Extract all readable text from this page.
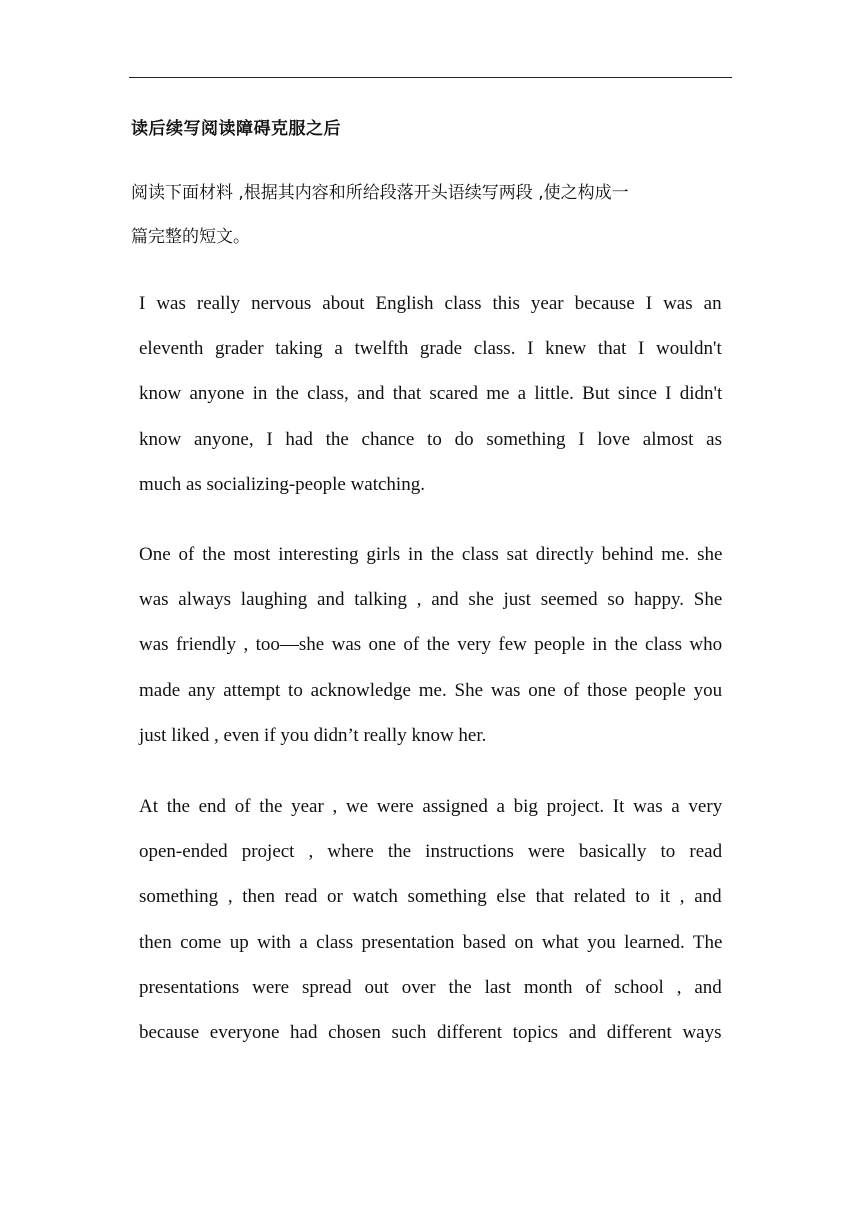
读后续写阅读障碍克服之后
阅读下面材料 ,根据其内容和所给段落开头语续写两段 ,使之构成一
篇完整的短文。
I was really nervous about English class this year because I was an
eleventh grader taking a twelfth grade class. I knew that I wouldn't
know anyone in the class, and that scared me a little. But since I didn't
know anyone, I had the chance to do something I love almost as
much as socializing-people watching.
One of the most interesting girls in the class sat directly behind me. she
was always laughing and talking , and she just seemed so happy. She
was friendly , too—she was one of the very few people in the class who
made any attempt to acknowledge me. She was one of those people you
just liked , even if you didn’t really know her.
At the end of the year , we were assigned a big project. It was a very
open-ended project , where the instructions were basically to read
something , then read or watch something else that related to it , and
then come up with a class presentation based on what you learned. The
presentations were spread out over the last month of school , and
because everyone had chosen such different topics and different ways
